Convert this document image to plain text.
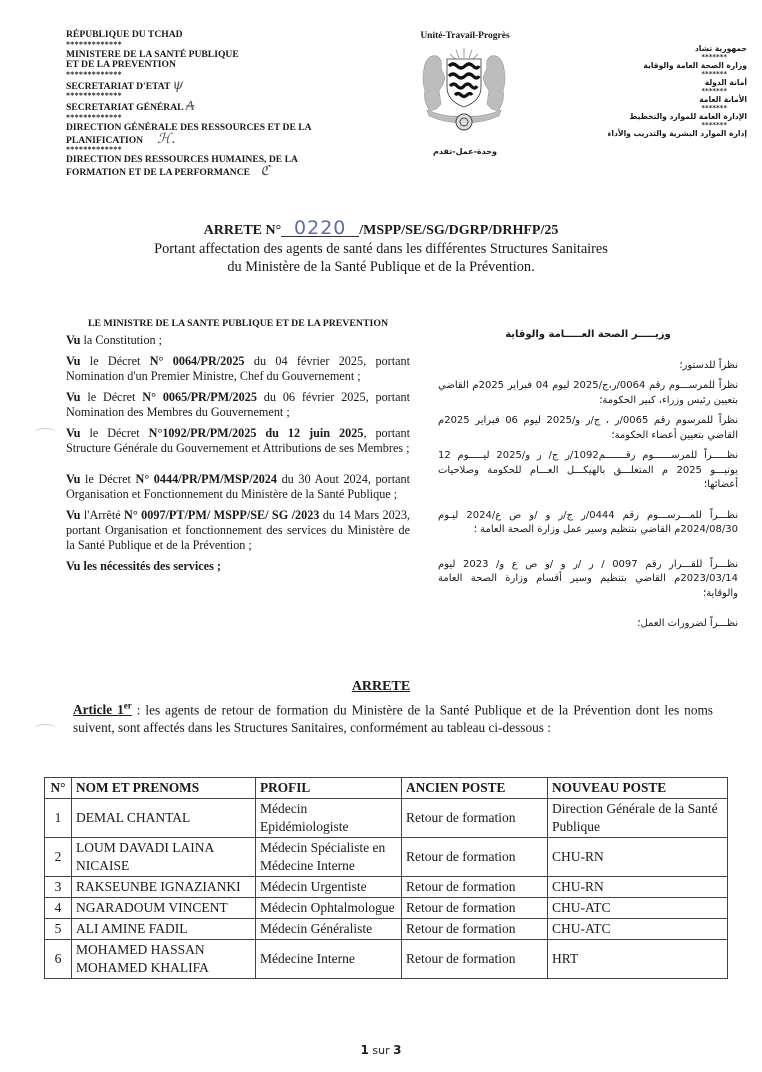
RÉPUBLIQUE DU TCHAD
*************
MINISTERE DE LA SANTÉ PUBLIQUE
ET DE LA PREVENTION
*************
SECRETARIAT D'ETAT ψ
*************
SECRETARIAT GÉNÉRAL ₳
*************
DIRECTION GÉNÉRALE DES RESSOURCES ET DE LA
PLANIFICATION ℋ.
*************
DIRECTION DES RESSOURCES HUMAINES, DE LA
FORMATION ET DE LA PERFORMANCE ℭ
Unité-Travail-Progrès
وحدة-عمل-تقدم
جمهورية تشاد
*******
وزارة الصحة العامة والوقاية
*******
أمانة الدولة
*******
الأمانة العامة
*******
الإدارة العامة للموارد والتخطيط
*******
إدارة الموارد البشرية والتدريب والأداء
ARRETE N° 0220 /MSPP/SE/SG/DGRP/DRHFP/25
Portant affectation des agents de santé dans les différentes Structures Sanitaires
du Ministère de la Santé Publique et de la Prévention.
LE MINISTRE DE LA SANTE PUBLIQUE ET DE LA PREVENTION

Vu la Constitution ;

Vu le Décret N° 0064/PR/2025 du 04 février 2025, portant Nomination d'un Premier Ministre, Chef du Gouvernement ;

Vu le Décret N° 0065/PR/PM/2025 du 06 février 2025, portant Nomination des Membres du Gouvernement ;

Vu le Décret N°1092/PR/PM/2025 du 12 juin 2025, portant Structure Générale du Gouvernement et Attributions de ses Membres ;

Vu le Décret N° 0444/PR/PM/MSP/2024 du 30 Aout 2024, portant Organisation et Fonctionnement du Ministère de la Santé Publique ;

Vu l'Arrêté N° 0097/PT/PM/ MSPP/SE/ SG /2023 du 14 Mars 2023, portant Organisation et fonctionnement des services du Ministère de la Santé Publique et de la Prévention ;

Vu les nécessités des services ;

وزيـــــر الصحة العـــــامة والوقاية

نظراً للدستور؛

نظراً للمرســـوم رقم 0064/ر،ج/2025 ليوم 04 فبراير 2025م القاضي بتعيين رئيس وزراء، كبير الحكومة؛

نظراً للمرسوم رقم 0065/ر ، ج/ر و/2025 ليوم 06 فبراير 2025م القاضي بتعيين أعضاء الحكومة؛

نظـــــراً للمرســــــوم رقـــــــم1092/ر ج/ ر و/2025 ليـــــوم 12 يونيـــو 2025 م المتعلـــق بالهيكـــل العـــام للحكومة وصلاحيات أعضائها؛

نظـــراً للمـــرســـوم رقم 0444/ر ج/ر و /و ص ع/2024 ليـوم 2024/08/30م القاضي بتنظيم وسير عمل وزارة الصحة العامة ؛

نظـــراً للقـــرار رقم 0097 / ر /ر و /و ص ع و/ 2023 ليوم 2023/03/14م القاضي بتنظيم وسير أقسام وزارة الصحة العامة والوقاية؛

نظـــراً لضرورات العمل؛

ARRETE
Article 1er : les agents de retour de formation du Ministère de la Santé Publique et de la Prévention dont les noms suivent, sont affectés dans les Structures Sanitaires, conformément au tableau ci-dessous :
N°	NOM ET PRENOMS	PROFIL	ANCIEN POSTE	NOUVEAU POSTE
1	DEMAL CHANTAL	Médecin Epidémiologiste	Retour de formation	Direction Générale de la Santé Publique
2	LOUM DAVADI LAINA NICAISE	Médecin Spécialiste en Médecine Interne	Retour de formation	CHU-RN
3	RAKSEUNBE IGNAZIANKI	Médecin Urgentiste	Retour de formation	CHU-RN
4	NGARADOUM VINCENT	Médecin Ophtalmologue	Retour de formation	CHU-ATC
5	ALI AMINE FADIL	Médecin Généraliste	Retour de formation	CHU-ATC
6	MOHAMED HASSAN MOHAMED KHALIFA	Médecine Interne	Retour de formation	HRT
1 sur 3
